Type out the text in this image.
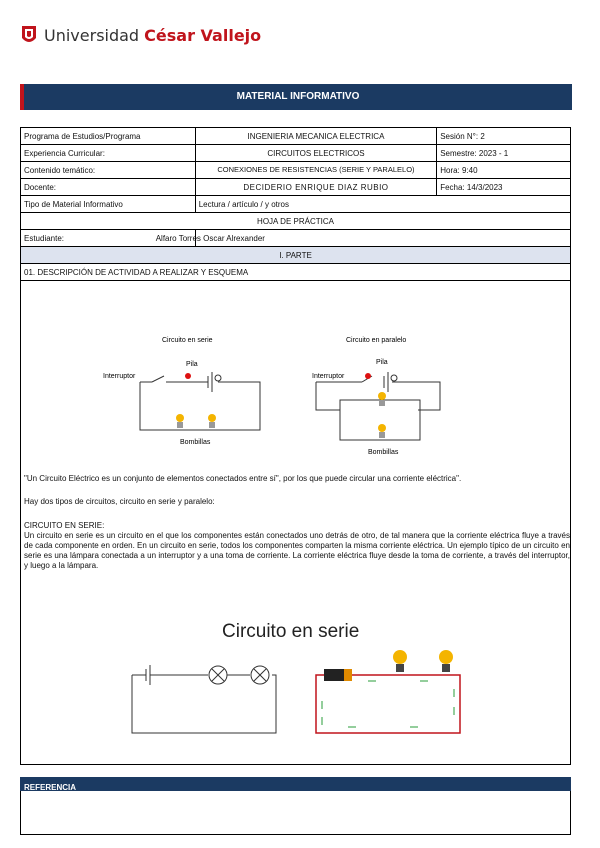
Universidad César Vallejo
MATERIAL INFORMATIVO
Programa de Estudios/Programa	INGENIERIA MECANICA ELECTRICA	Sesión N°: 2
Experiencia Curricular:	CIRCUITOS ELECTRICOS	Semestre: 2023 - 1
Contenido temático:	CONEXIONES DE RESISTENCIAS (SERIE Y PARALELO)	Hora: 9:40
Docente:	DECIDERIO ENRIQUE DIAZ RUBIO	Fecha: 14/3/2023
Tipo de Material Informativo	Lectura / artículo / y otros	
HOJA DE PRÁCTICA		
Estudiante:	Alfaro Torres Oscar Alrexander	
I. PARTE		
01. DESCRIPCIÓN DE ACTIVIDAD A REALIZAR Y ESQUEMA		
Circuito en serie
Pila
Interruptor
Bombillas
Circuito en paralelo
Pila
Interruptor
Bombillas
"Un Circuito Eléctrico es un conjunto de elementos conectados entre sí", por los que puede circular una corriente eléctrica".
Hay dos tipos de circuitos, circuito en serie y paralelo:
CIRCUITO EN SERIE:
Un circuito en serie es un circuito en el que los componentes están conectados uno detrás de otro, de tal manera que la corriente eléctrica fluye a través de cada componente en orden. En un circuito en serie, todos los componentes comparten la misma corriente eléctrica. Un ejemplo típico de un circuito en serie es una lámpara conectada a un interruptor y a una toma de corriente. La corriente eléctrica fluye desde la toma de corriente, a través del interruptor, y luego a la lámpara.
Circuito en serie
REFERENCIA
